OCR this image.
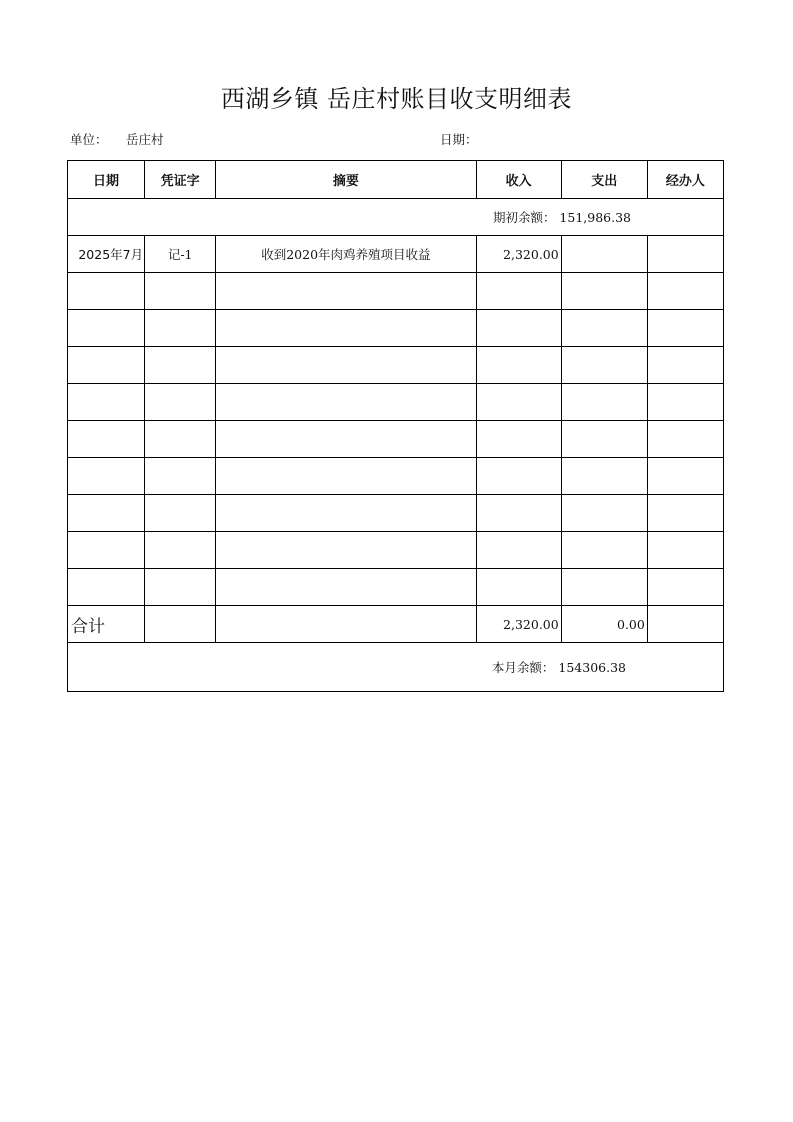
西湖乡镇 岳庄村账目收支明细表
单位： 岳庄村	日期：
日期	凭证字	摘要	收入	支出	经办人
期初余额： 151,986.38					
2025年7月	记-1	收到2020年肉鸡养殖项目收益	2,320.00		

合计			2,320.00	0.00	
本月余额： 154306.38					
